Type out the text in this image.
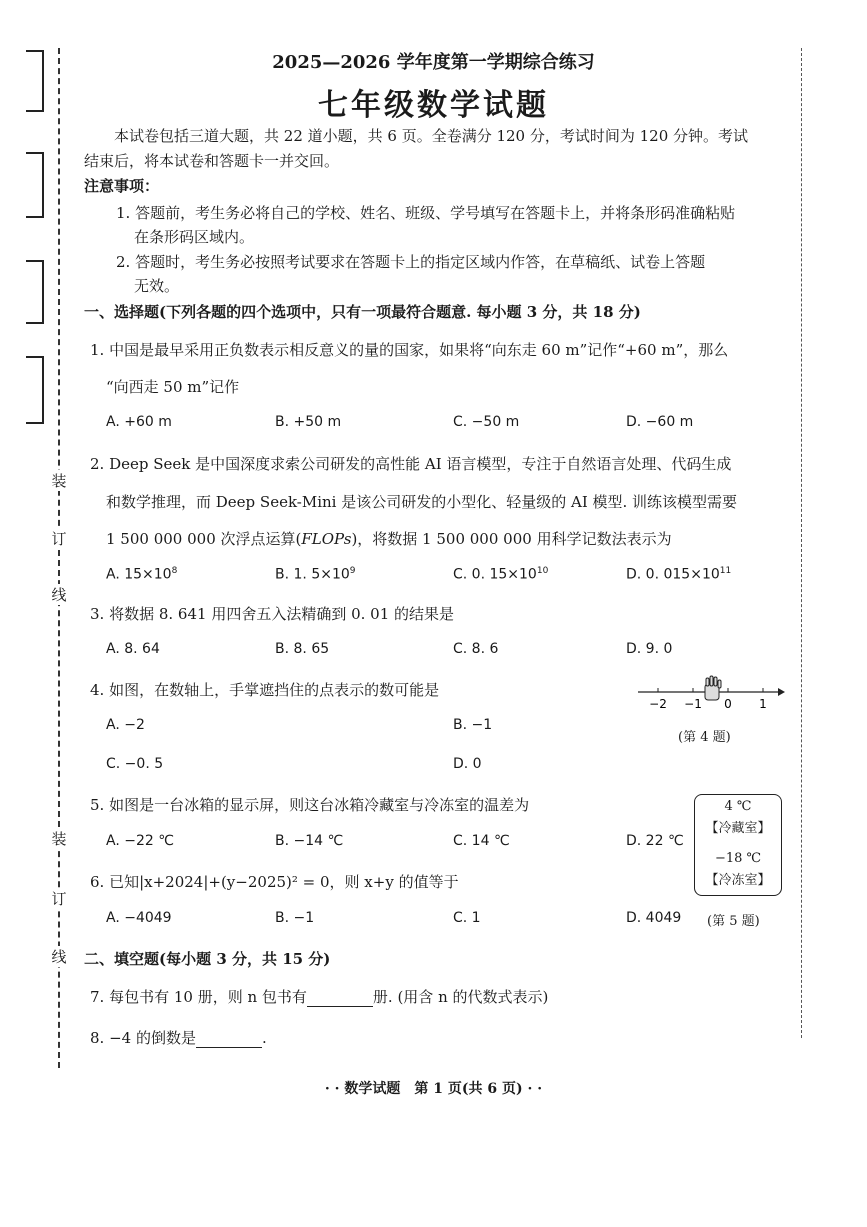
装
订
线
装
订
线
2025—2026 学年度第一学期综合练习
七年级数学试题
本试卷包括三道大题，共 22 道小题，共 6 页。全卷满分 120 分，考试时间为 120 分钟。考试
结束后，将本试卷和答题卡一并交回。
注意事项：
1. 答题前，考生务必将自己的学校、姓名、班级、学号填写在答题卡上，并将条形码准确粘贴
在条形码区域内。
2. 答题时，考生务必按照考试要求在答题卡上的指定区域内作答，在草稿纸、试卷上答题
无效。
一、选择题(下列各题的四个选项中，只有一项最符合题意. 每小题 3 分，共 18 分)
1. 中国是最早采用正负数表示相反意义的量的国家，如果将“向东走 60 m”记作“+60 m”，那么
“向西走 50 m”记作
A. +60 m	B. +50 m	C. −50 m	D. −60 m
2. Deep Seek 是中国深度求索公司研发的高性能 AI 语言模型，专注于自然语言处理、代码生成
和数学推理，而 Deep Seek-Mini 是该公司研发的小型化、轻量级的 AI 模型. 训练该模型需要
1 500 000 000 次浮点运算(FLOPs)，将数据 1 500 000 000 用科学记数法表示为
A. $15\times 10^8$	B. 1. $5\times 10^9$	C. 0. $15\times 10^{10}$	D. 0. $015\times 10^{11}$
3. 将数据 8. 641 用四舍五入法精确到 0. 01 的结果是
A. 8. 64	B. 8. 65	C. 8. 6	D. 9. 0
4. 如图，在数轴上，手掌遮挡住的点表示的数可能是
A. −2	B. −1
C. −0. 5	D. 0
−2 −1 0 1
(第 4 题)
5. 如图是一台冰箱的显示屏，则这台冰箱冷藏室与冷冻室的温差为
A. −22 ℃	B. −14 ℃	C. 14 ℃	D. 22 ℃
4 ℃
【冷藏室】
−18 ℃
【冷冻室】
(第 5 题)
6. 已知|x+2024|+(y−2025)² = 0，则 x+y 的值等于
A. −4049	B. −1	C. 1	D. 4049
二、填空题(每小题 3 分，共 15 分)
7. 每包书有 10 册，则 n 包书有	册. (用含 n 的代数式表示)
8. −4 的倒数是	.
· · 数学试题　第 1 页(共 6 页) · ·
